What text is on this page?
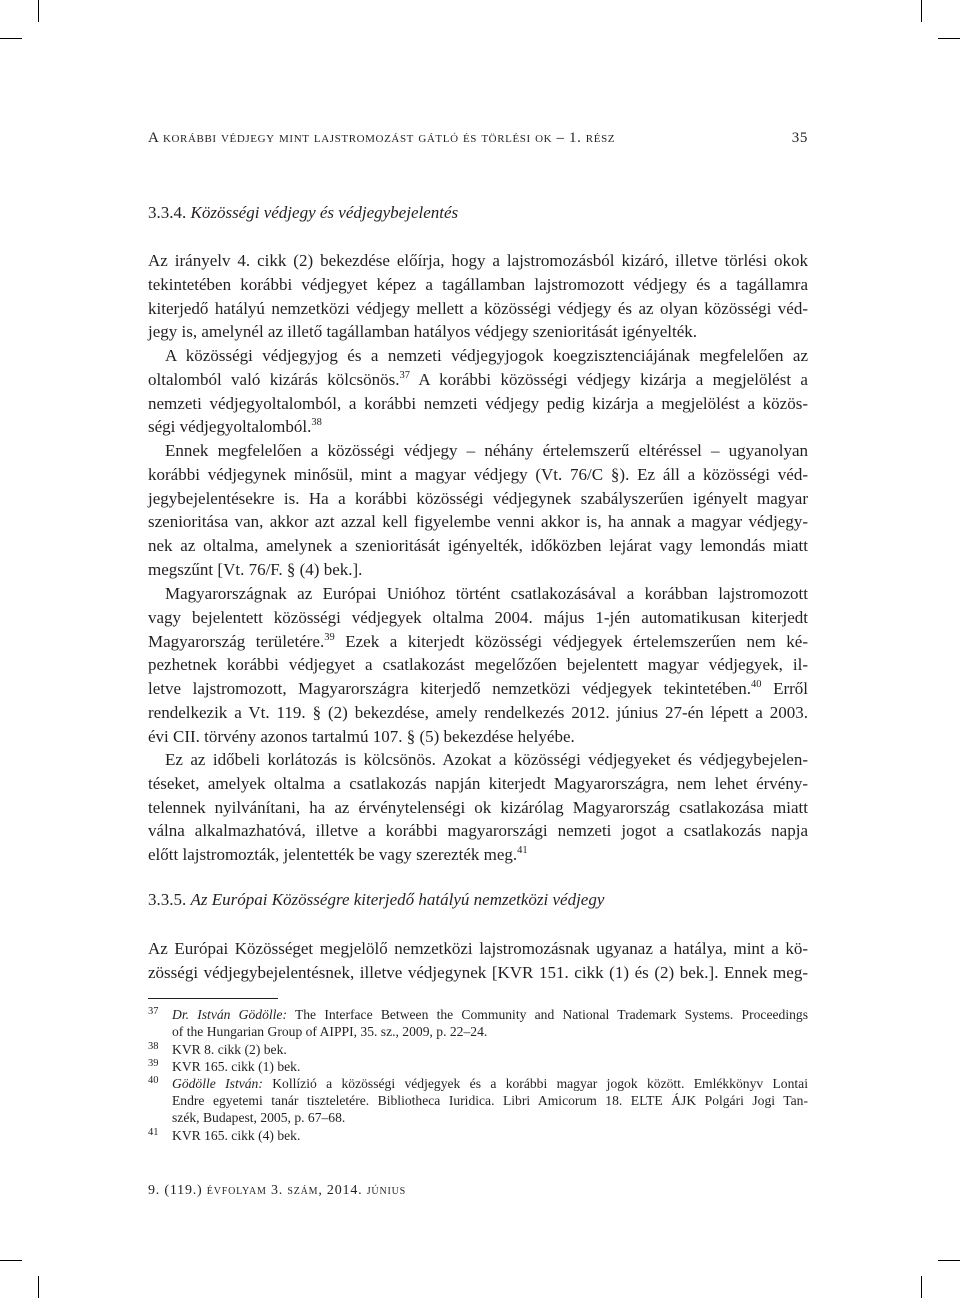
A korábbi védjegy mint lajstromozást gátló és törlési ok – 1. rész	35
3.3.4. Közösségi védjegy és védjegybejelentés

Az irányelv 4. cikk (2) bekezdése előírja, hogy a lajstromozásból kizáró, illetve törlési okok
tekintetében korábbi védjegyet képez a tagállamban lajstromozott védjegy és a tagállamra
kiterjedő hatályú nemzetközi védjegy mellett a közösségi védjegy és az olyan közösségi véd-
jegy is, amelynél az illető tagállamban hatályos védjegy szenioritását igényelték.

A közösségi védjegyjog és a nemzeti védjegyjogok koegzisztenciájának megfelelően az
oltalomból való kizárás kölcsönös.$^{37}$ A korábbi közösségi védjegy kizárja a megjelölést a
nemzeti védjegyoltalomból, a korábbi nemzeti védjegy pedig kizárja a megjelölést a közös-
ségi védjegyoltalomból.$^{38}$

Ennek megfelelően a közösségi védjegy – néhány értelemszerű eltéréssel – ugyanolyan
korábbi védjegynek minősül, mint a magyar védjegy (Vt. 76/C §). Ez áll a közösségi véd-
jegybejelentésekre is. Ha a korábbi közösségi védjegynek szabályszerűen igényelt magyar
szenioritása van, akkor azt azzal kell figyelembe venni akkor is, ha annak a magyar védjegy-
nek az oltalma, amelynek a szenioritását igényelték, időközben lejárat vagy lemondás miatt
megszűnt [Vt. 76/F. § (4) bek.].

Magyarországnak az Európai Unióhoz történt csatlakozásával a korábban lajstromozott
vagy bejelentett közösségi védjegyek oltalma 2004. május 1-jén automatikusan kiterjedt
Magyarország területére.$^{39}$ Ezek a kiterjedt közösségi védjegyek értelemszerűen nem ké-
pezhetnek korábbi védjegyet a csatlakozást megelőzően bejelentett magyar védjegyek, il-
letve lajstromozott, Magyarországra kiterjedő nemzetközi védjegyek tekintetében.$^{40}$ Erről
rendelkezik a Vt. 119. § (2) bekezdése, amely rendelkezés 2012. június 27-én lépett a 2003.
évi CII. törvény azonos tartalmú 107. § (5) bekezdése helyébe.

Ez az időbeli korlátozás is kölcsönös. Azokat a közösségi védjegyeket és védjegybejelen-
téseket, amelyek oltalma a csatlakozás napján kiterjedt Magyarországra, nem lehet érvény-
telennek nyilvánítani, ha az érvénytelenségi ok kizárólag Magyarország csatlakozása miatt
válna alkalmazhatóvá, illetve a korábbi magyarországi nemzeti jogot a csatlakozás napja
előtt lajstromozták, jelentették be vagy szerezték meg.$^{41}$

3.3.5. Az Európai Közösségre kiterjedő hatályú nemzetközi védjegy

Az Európai Közösséget megjelölő nemzetközi lajstromozásnak ugyanaz a hatálya, mint a kö-
zösségi védjegybejelentésnek, illetve védjegynek [KVR 151. cikk (1) és (2) bek.]. Ennek meg-

37 Dr. István Gödölle: The Interface Between the Community and National Trademark Systems. Proceedings
of the Hungarian Group of AIPPI, 35. sz., 2009, p. 22–24.
38 KVR 8. cikk (2) bek.
39 KVR 165. cikk (1) bek.
40 Gödölle István: Kollízió a közösségi védjegyek és a korábbi magyar jogok között. Emlékkönyv Lontai
Endre egyetemi tanár tiszteletére. Bibliotheca Iuridica. Libri Amicorum 18. ELTE ÁJK Polgári Jogi Tan-
szék, Budapest, 2005, p. 67–68.
41 KVR 165. cikk (4) bek.
9. (119.) évfolyam 3. szám, 2014. június
